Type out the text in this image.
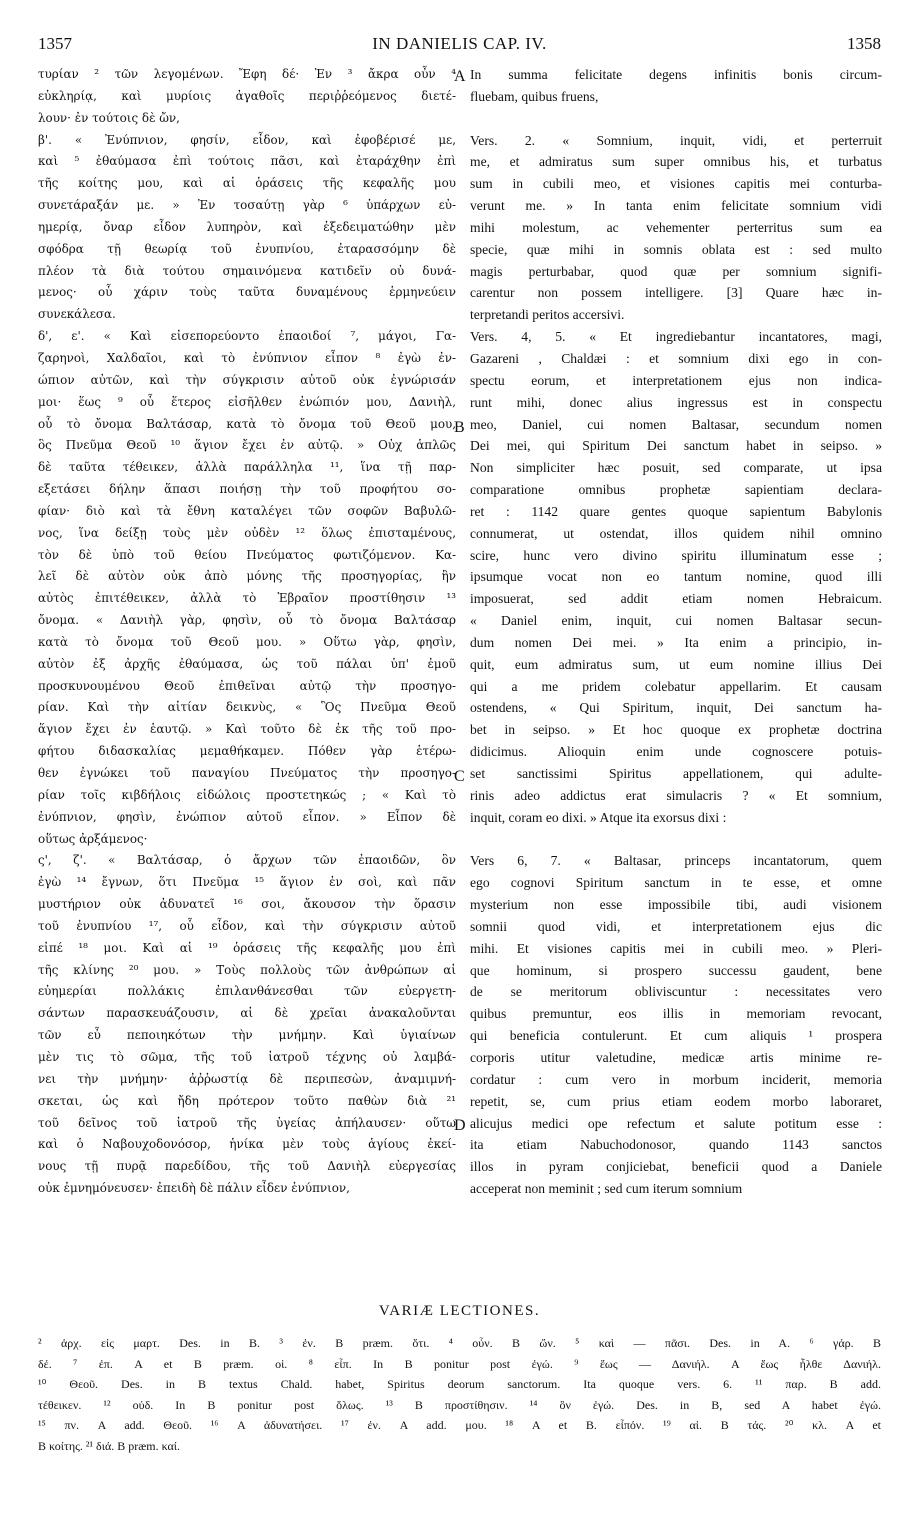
1357	IN DANIELIS CAP. IV.	1358
τυρίαν ² τῶν λεγομένων. Ἔφη δέ· Ἐν ³ ἄκρα οὖν ⁴
εὐκληρίᾳ, καὶ μυρίοις ἀγαθοῖς περιῤῥεόμενος διετέ-
λουν· ἐν τούτοις δὲ ὤν,
β'. « Ἐνύπνιον, φησίν, εἶδον, καὶ ἐφοβέρισέ με,
καὶ ⁵ ἐθαύμασα ἐπὶ τούτοις πᾶσι, καὶ ἐταράχθην ἐπὶ
τῆς κοίτης μου, καὶ αἱ ὁράσεις τῆς κεφαλῆς μου
συνετάραξάν με. » Ἐν τοσαύτῃ γὰρ ⁶ ὑπάρχων εὐ-
ημερίᾳ, ὄναρ εἶδον λυπηρὸν, καὶ ἐξεδειματώθην μὲν
σφόδρα τῇ θεωρίᾳ τοῦ ἐνυπνίου, ἐταρασσόμην δὲ
πλέον τὰ διὰ τούτου σημαινόμενα κατιδεῖν οὐ δυνά-
μενος· οὗ χάριν τοὺς ταῦτα δυναμένους ἑρμηνεύειν
συνεκάλεσα.
δ', ε'. « Καὶ εἰσεπορεύοντο ἐπαοιδοί ⁷, μάγοι, Γα-
ζαρηνοὶ, Χαλδαῖοι, καὶ τὸ ἐνύπνιον εἶπον ⁸ ἐγὼ ἐν-
ώπιον αὐτῶν, καὶ τὴν σύγκρισιν αὐτοῦ οὐκ ἐγνώρισάν
μοι· ἕως ⁹ οὗ ἕτερος εἰσῆλθεν ἐνώπιόν μου, Δανιὴλ,
οὗ τὸ ὄνομα Βαλτάσαρ, κατὰ τὸ ὄνομα τοῦ Θεοῦ μου,
ὃς Πνεῦμα Θεοῦ ¹⁰ ἅγιον ἔχει ἐν αὐτῷ. » Οὐχ ἁπλῶς
δὲ ταῦτα τέθεικεν, ἀλλὰ παράλληλα ¹¹, ἵνα τῇ παρ-
εξετάσει δήλην ἅπασι ποιήσῃ τὴν τοῦ προφήτου σο-
φίαν· διὸ καὶ τὰ ἔθνη καταλέγει τῶν σοφῶν Βαβυλῶ-
νος, ἵνα δείξῃ τοὺς μὲν οὐδὲν ¹² ὅλως ἐπισταμένους,
τὸν δὲ ὑπὸ τοῦ θείου Πνεύματος φωτιζόμενον. Κα-
λεῖ δὲ αὐτὸν οὐκ ἀπὸ μόνης τῆς προσηγορίας, ἣν
αὐτὸς ἐπιτέθεικεν, ἀλλὰ τὸ Ἑβραῖον προστίθησιν ¹³
ὄνομα. « Δανιὴλ γὰρ, φησὶν, οὗ τὸ ὄνομα Βαλτάσαρ
κατὰ τὸ ὄνομα τοῦ Θεοῦ μου. » Οὕτω γὰρ, φησὶν,
αὐτὸν ἐξ ἀρχῆς ἐθαύμασα, ὡς τοῦ πάλαι ὑπ' ἐμοῦ
προσκυνουμένου Θεοῦ ἐπιθεῖναι αὐτῷ τὴν προσηγο-
ρίαν. Καὶ τὴν αἰτίαν δεικνὺς, « Ὃς Πνεῦμα Θεοῦ
ἅγιον ἔχει ἐν ἑαυτῷ. » Καὶ τοῦτο δὲ ἐκ τῆς τοῦ προ-
φήτου διδασκαλίας μεμαθήκαμεν. Πόθεν γὰρ ἑτέρω-
θεν ἐγνώκει τοῦ παναγίου Πνεύματος τὴν προσηγο-
ρίαν τοῖς κιβδήλοις εἰδώλοις προστετηκώς ; « Καὶ τὸ
ἐνύπνιον, φησὶν, ἐνώπιον αὐτοῦ εἶπον. » Εἶπον δὲ
οὕτως ἀρξάμενος·
ς', ζ'. « Βαλτάσαρ, ὁ ἄρχων τῶν ἐπαοιδῶν, ὃν
ἐγὼ ¹⁴ ἔγνων, ὅτι Πνεῦμα ¹⁵ ἅγιον ἐν σοὶ, καὶ πᾶν
μυστήριον οὐκ ἀδυνατεῖ ¹⁶ σοι, ἄκουσον τὴν ὅρασιν
τοῦ ἐνυπνίου ¹⁷, οὗ εἶδον, καὶ τὴν σύγκρισιν αὐτοῦ
εἰπέ ¹⁸ μοι. Καὶ αἱ ¹⁹ ὁράσεις τῆς κεφαλῆς μου ἐπὶ
τῆς κλίνης ²⁰ μου. » Τοὺς πολλοὺς τῶν ἀνθρώπων αἱ
εὐημερίαι πολλάκις ἐπιλανθάνεσθαι τῶν εὐεργετη-
σάντων παρασκευάζουσιν, αἱ δὲ χρεῖαι ἀνακαλοῦνται
τῶν εὖ πεποιηκότων τὴν μνήμην. Καὶ ὑγιαίνων
μὲν τις τὸ σῶμα, τῆς τοῦ ἰατροῦ τέχνης οὐ λαμβά-
νει τὴν μνήμην· ἀῤῥωστίᾳ δὲ περιπεσὼν, ἀναμιμνή-
σκεται, ὡς καὶ ἤδη πρότερον τοῦτο παθὼν διὰ ²¹
τοῦ δεῖνος τοῦ ἰατροῦ τῆς ὑγείας ἀπήλαυσεν· οὕτω
καὶ ὁ Ναβουχοδονόσορ, ἡνίκα μὲν τοὺς ἁγίους ἐκεί-
νους τῇ πυρᾷ παρεδίδου, τῆς τοῦ Δανιὴλ εὐεργεσίας
οὐκ ἐμνημόνευσεν· ἐπειδὴ δὲ πάλιν εἶδεν ἐνύπνιον,
In summa felicitate degens infinitis bonis circum-
fluebam, quibus fruens,
Vers. 2. « Somnium, inquit, vidi, et perterruit
me, et admiratus sum super omnibus his, et turbatus
sum in cubili meo, et visiones capitis mei conturba-
verunt me. » In tanta enim felicitate somnium vidi
mihi molestum, ac vehementer perterritus sum ea
specie, quæ mihi in somnis oblata est : sed multo
magis perturbabar, quod quæ per somnium signifi-
carentur non possem intelligere. [3] Quare hæc in-
terpretandi peritos accersivi.
Vers. 4, 5. « Et ingrediebantur incantatores, magi,
Gazareni , Chaldæi : et somnium dixi ego in con-
spectu eorum, et interpretationem ejus non indica-
runt mihi, donec alius ingressus est in conspectu
meo, Daniel, cui nomen Baltasar, secundum nomen
Dei mei, qui Spiritum Dei sanctum habet in seipso. »
Non simpliciter hæc posuit, sed comparate, ut ipsa
comparatione omnibus prophetæ sapientiam declara-
ret : 1142 quare gentes quoque sapientum Babylonis
connumerat, ut ostendat, illos quidem nihil omnino
scire, hunc vero divino spiritu illuminatum esse ;
ipsumque vocat non eo tantum nomine, quod illi
imposuerat, sed addit etiam nomen Hebraicum.
« Daniel enim, inquit, cui nomen Baltasar secun-
dum nomen Dei mei. » Ita enim a principio, in-
quit, eum admiratus sum, ut eum nomine illius Dei
qui a me pridem colebatur appellarim. Et causam
ostendens, « Qui Spiritum, inquit, Dei sanctum ha-
bet in seipso. » Et hoc quoque ex prophetæ doctrina
didicimus. Alioquin enim unde cognoscere potuis-
set sanctissimi Spiritus appellationem, qui adulte-
rinis adeo addictus erat simulacris ? « Et somnium,
inquit, coram eo dixi. » Atque ita exorsus dixi :
Vers 6, 7. « Baltasar, princeps incantatorum, quem
ego cognovi Spiritum sanctum in te esse, et omne
mysterium non esse impossibile tibi, audi visionem
somnii quod vidi, et interpretationem ejus dic
mihi. Et visiones capitis mei in cubili meo. » Pleri-
que hominum, si prospero successu gaudent, bene
de se meritorum obliviscuntur : necessitates vero
quibus premuntur, eos illis in memoriam revocant,
qui beneficia contulerunt. Et cum aliquis ¹ prospera
corporis utitur valetudine, medicæ artis minime re-
cordatur : cum vero in morbum inciderit, memoria
repetit, se, cum prius etiam eodem morbo laboraret,
alicujus medici ope refectum et salute potitum esse :
ita etiam Nabuchodonosor, quando 1143 sanctos
illos in pyram conjiciebat, beneficii quod a Daniele
acceperat non meminit ; sed cum iterum somnium
A
B
C
D
VARIÆ LECTIONES.
² ἀρχ. εἰς μαρτ. Des. in B. ³ ἐν. B præm. ὅτι. ⁴ οὖν. B ὤν. ⁵ καὶ — πᾶσι. Des. in A. ⁶ γάρ. B
δέ. ⁷ ἐπ. A et B præm. οἱ. ⁸ εἶπ. In B ponitur post ἐγώ. ⁹ ἕως — Δανιήλ. A ἕως ἦλθε Δανιήλ.
¹⁰ Θεοῦ. Des. in B textus Chald. habet, Spiritus deorum sanctorum. Ita quoque vers. 6. ¹¹ παρ. B add.
τέθεικεν. ¹² οὐδ. In B ponitur post ὅλως. ¹³ B προστίθησιν. ¹⁴ ὃν ἐγώ. Des. in B, sed A habet ἐγώ.
¹⁵ πν. A add. Θεοῦ. ¹⁶ A ἀδυνατήσει. ¹⁷ ἐν. A add. μου. ¹⁸ A et B. εἶπόν. ¹⁹ αἱ. B τάς. ²⁰ κλ. A et
B κοίτης. ²¹ διά. B præm. καί.
